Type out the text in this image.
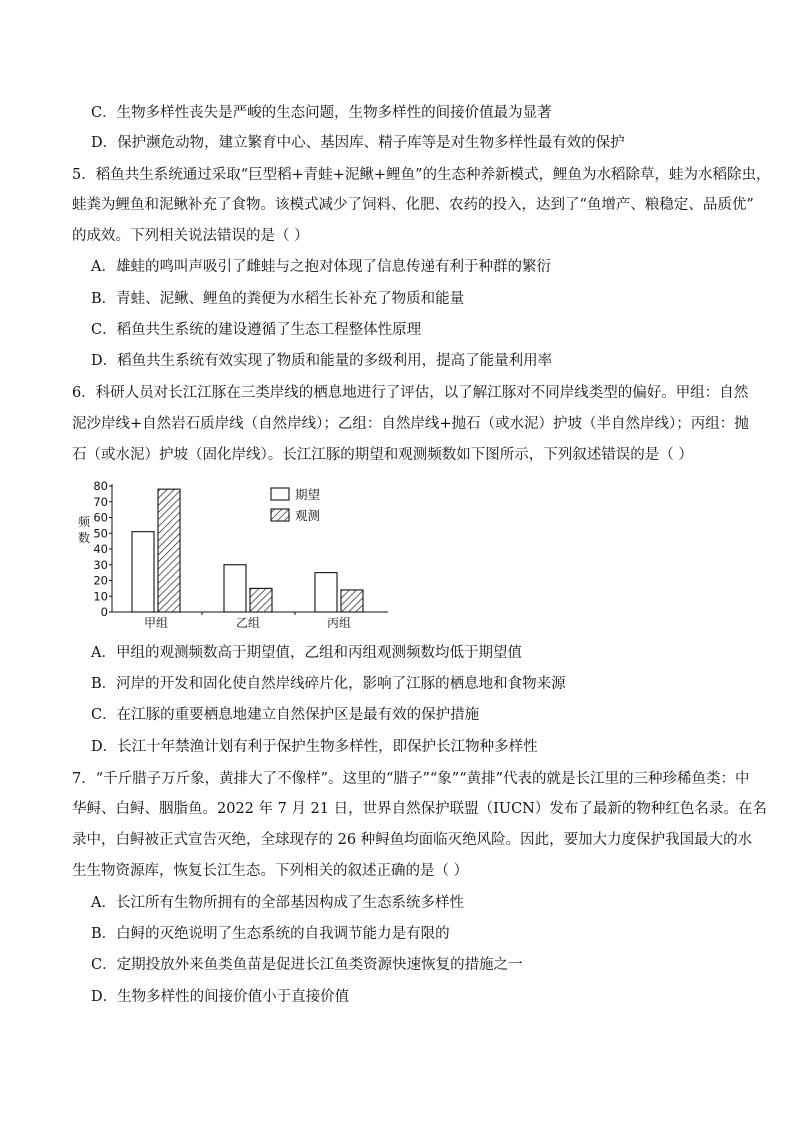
C．生物多样性丧失是严峻的生态问题，生物多样性的间接价值最为显著
D．保护濒危动物，建立繁育中心、基因库、精子库等是对生物多样性最有效的保护
5．稻鱼共生系统通过采取“巨型稻+青蛙+泥鳅+鲤鱼”的生态种养新模式，鲤鱼为水稻除草，蛙为水稻除虫，
蛙粪为鲤鱼和泥鳅补充了食物。该模式减少了饲料、化肥、农药的投入，达到了“鱼增产、粮稳定、品质优”
的成效。下列相关说法错误的是（ ）
A．雄蛙的鸣叫声吸引了雌蛙与之抱对体现了信息传递有利于种群的繁衍
B．青蛙、泥鳅、鲤鱼的粪便为水稻生长补充了物质和能量
C．稻鱼共生系统的建设遵循了生态工程整体性原理
D．稻鱼共生系统有效实现了物质和能量的多级利用，提高了能量利用率
6．科研人员对长江江豚在三类岸线的栖息地进行了评估，以了解江豚对不同岸线类型的偏好。甲组：自然
泥沙岸线+自然岩石质岸线（自然岸线）；乙组：自然岸线+抛石（或水泥）护坡（半自然岸线）；丙组：抛
石（或水泥）护坡（固化岸线）。长江江豚的期望和观测频数如下图所示，下列叙述错误的是（ ）
0
10
20
30
40
50
60
70
80
频
数
甲组	乙组	丙组
期望
观测
A．甲组的观测频数高于期望值，乙组和丙组观测频数均低于期望值
B．河岸的开发和固化使自然岸线碎片化，影响了江豚的栖息地和食物来源
C．在江豚的重要栖息地建立自然保护区是最有效的保护措施
D．长江十年禁渔计划有利于保护生物多样性，即保护长江物种多样性
7．“千斤腊子万斤象，黄排大了不像样”。这里的“腊子”“象”“黄排”代表的就是长江里的三种珍稀鱼类：中
华鲟、白鲟、胭脂鱼。2022 年 7 月 21 日，世界自然保护联盟（IUCN）发布了最新的物种红色名录。在名
录中，白鲟被正式宣告灭绝，全球现存的 26 种鲟鱼均面临灭绝风险。因此，要加大力度保护我国最大的水
生生物资源库，恢复长江生态。下列相关的叙述正确的是（ ）
A．长江所有生物所拥有的全部基因构成了生态系统多样性
B．白鲟的灭绝说明了生态系统的自我调节能力是有限的
C．定期投放外来鱼类鱼苗是促进长江鱼类资源快速恢复的措施之一
D．生物多样性的间接价值小于直接价值
